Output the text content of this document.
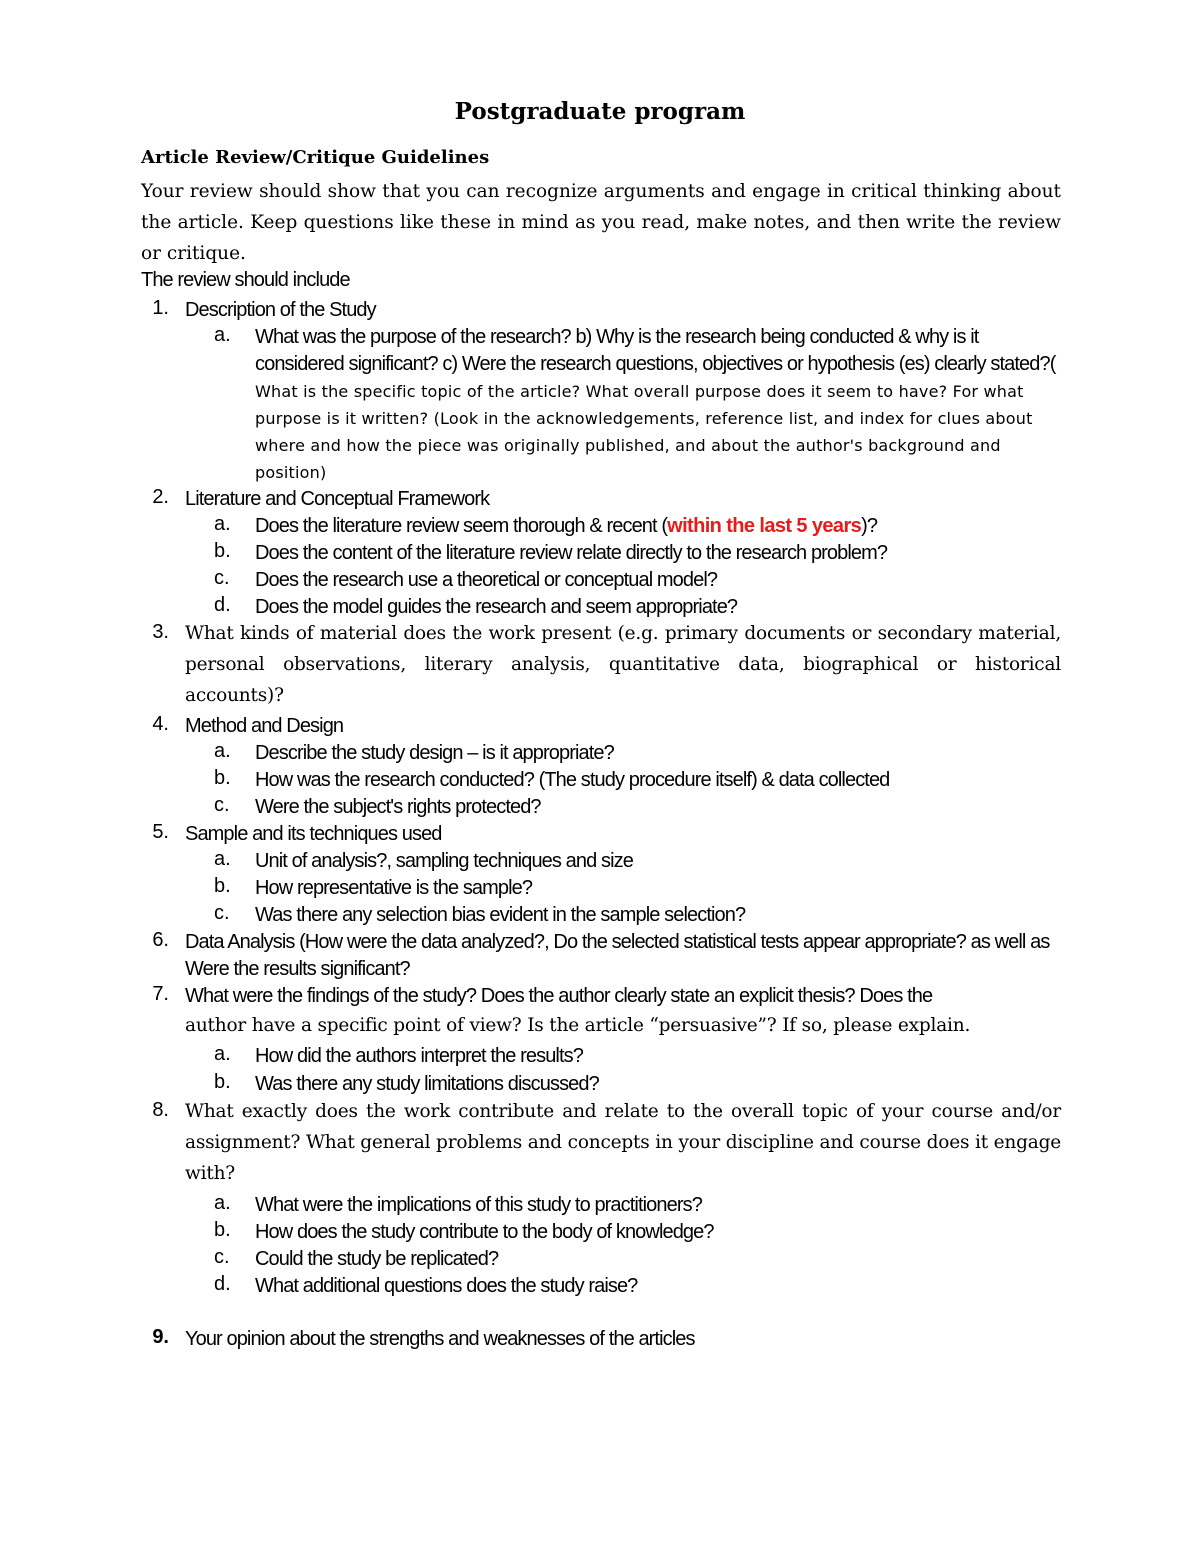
Postgraduate program
Article Review/Critique Guidelines
Your review should show that you can recognize arguments and engage in critical thinking about the article. Keep questions like these in mind as you read, make notes, and then write the review or critique.
The review should include
1. Description of the Study
a.	What was the purpose of the research? b) Why is the research being conducted & why is it considered significant? c) Were the research questions, objectives or hypothesis (es) clearly stated?( What is the specific topic of the article? What overall purpose does it seem to have? For what purpose is it written? (Look in the acknowledgements, reference list, and index for clues about where and how the piece was originally published, and about the author's background and position)
2. Literature and Conceptual Framework
a.	Does the literature review seem thorough & recent (within the last 5 years)?
b.	Does the content of the literature review relate directly to the research problem?
c.	Does the research use a theoretical or conceptual model?
d.	Does the model guides the research and seem appropriate?
3. What kinds of material does the work present (e.g. primary documents or secondary material, personal observations, literary analysis, quantitative data, biographical or historical accounts)?
4. Method and Design
a.	Describe the study design – is it appropriate?
b.	How was the research conducted? (The study procedure itself) & data collected
c.	Were the subject's rights protected?
5. Sample and its techniques used
a.	Unit of analysis?, sampling techniques and size
b.	How representative is the sample?
c.	Was there any selection bias evident in the sample selection?
6. Data Analysis (How were the data analyzed?, Do the selected statistical tests appear appropriate? as well as Were the results significant?
7. What were the findings of the study? Does the author clearly state an explicit thesis? Does the
author have a specific point of view? Is the article “persuasive”? If so, please explain.
a.	How did the authors interpret the results?
b.	Was there any study limitations discussed?
8. What exactly does the work contribute and relate to the overall topic of your course and/or assignment? What general problems and concepts in your discipline and course does it engage with?
a.	What were the implications of this study to practitioners?
b.	How does the study contribute to the body of knowledge?
c.	Could the study be replicated?
d.	What additional questions does the study raise?
9. Your opinion about the strengths and weaknesses of the articles
